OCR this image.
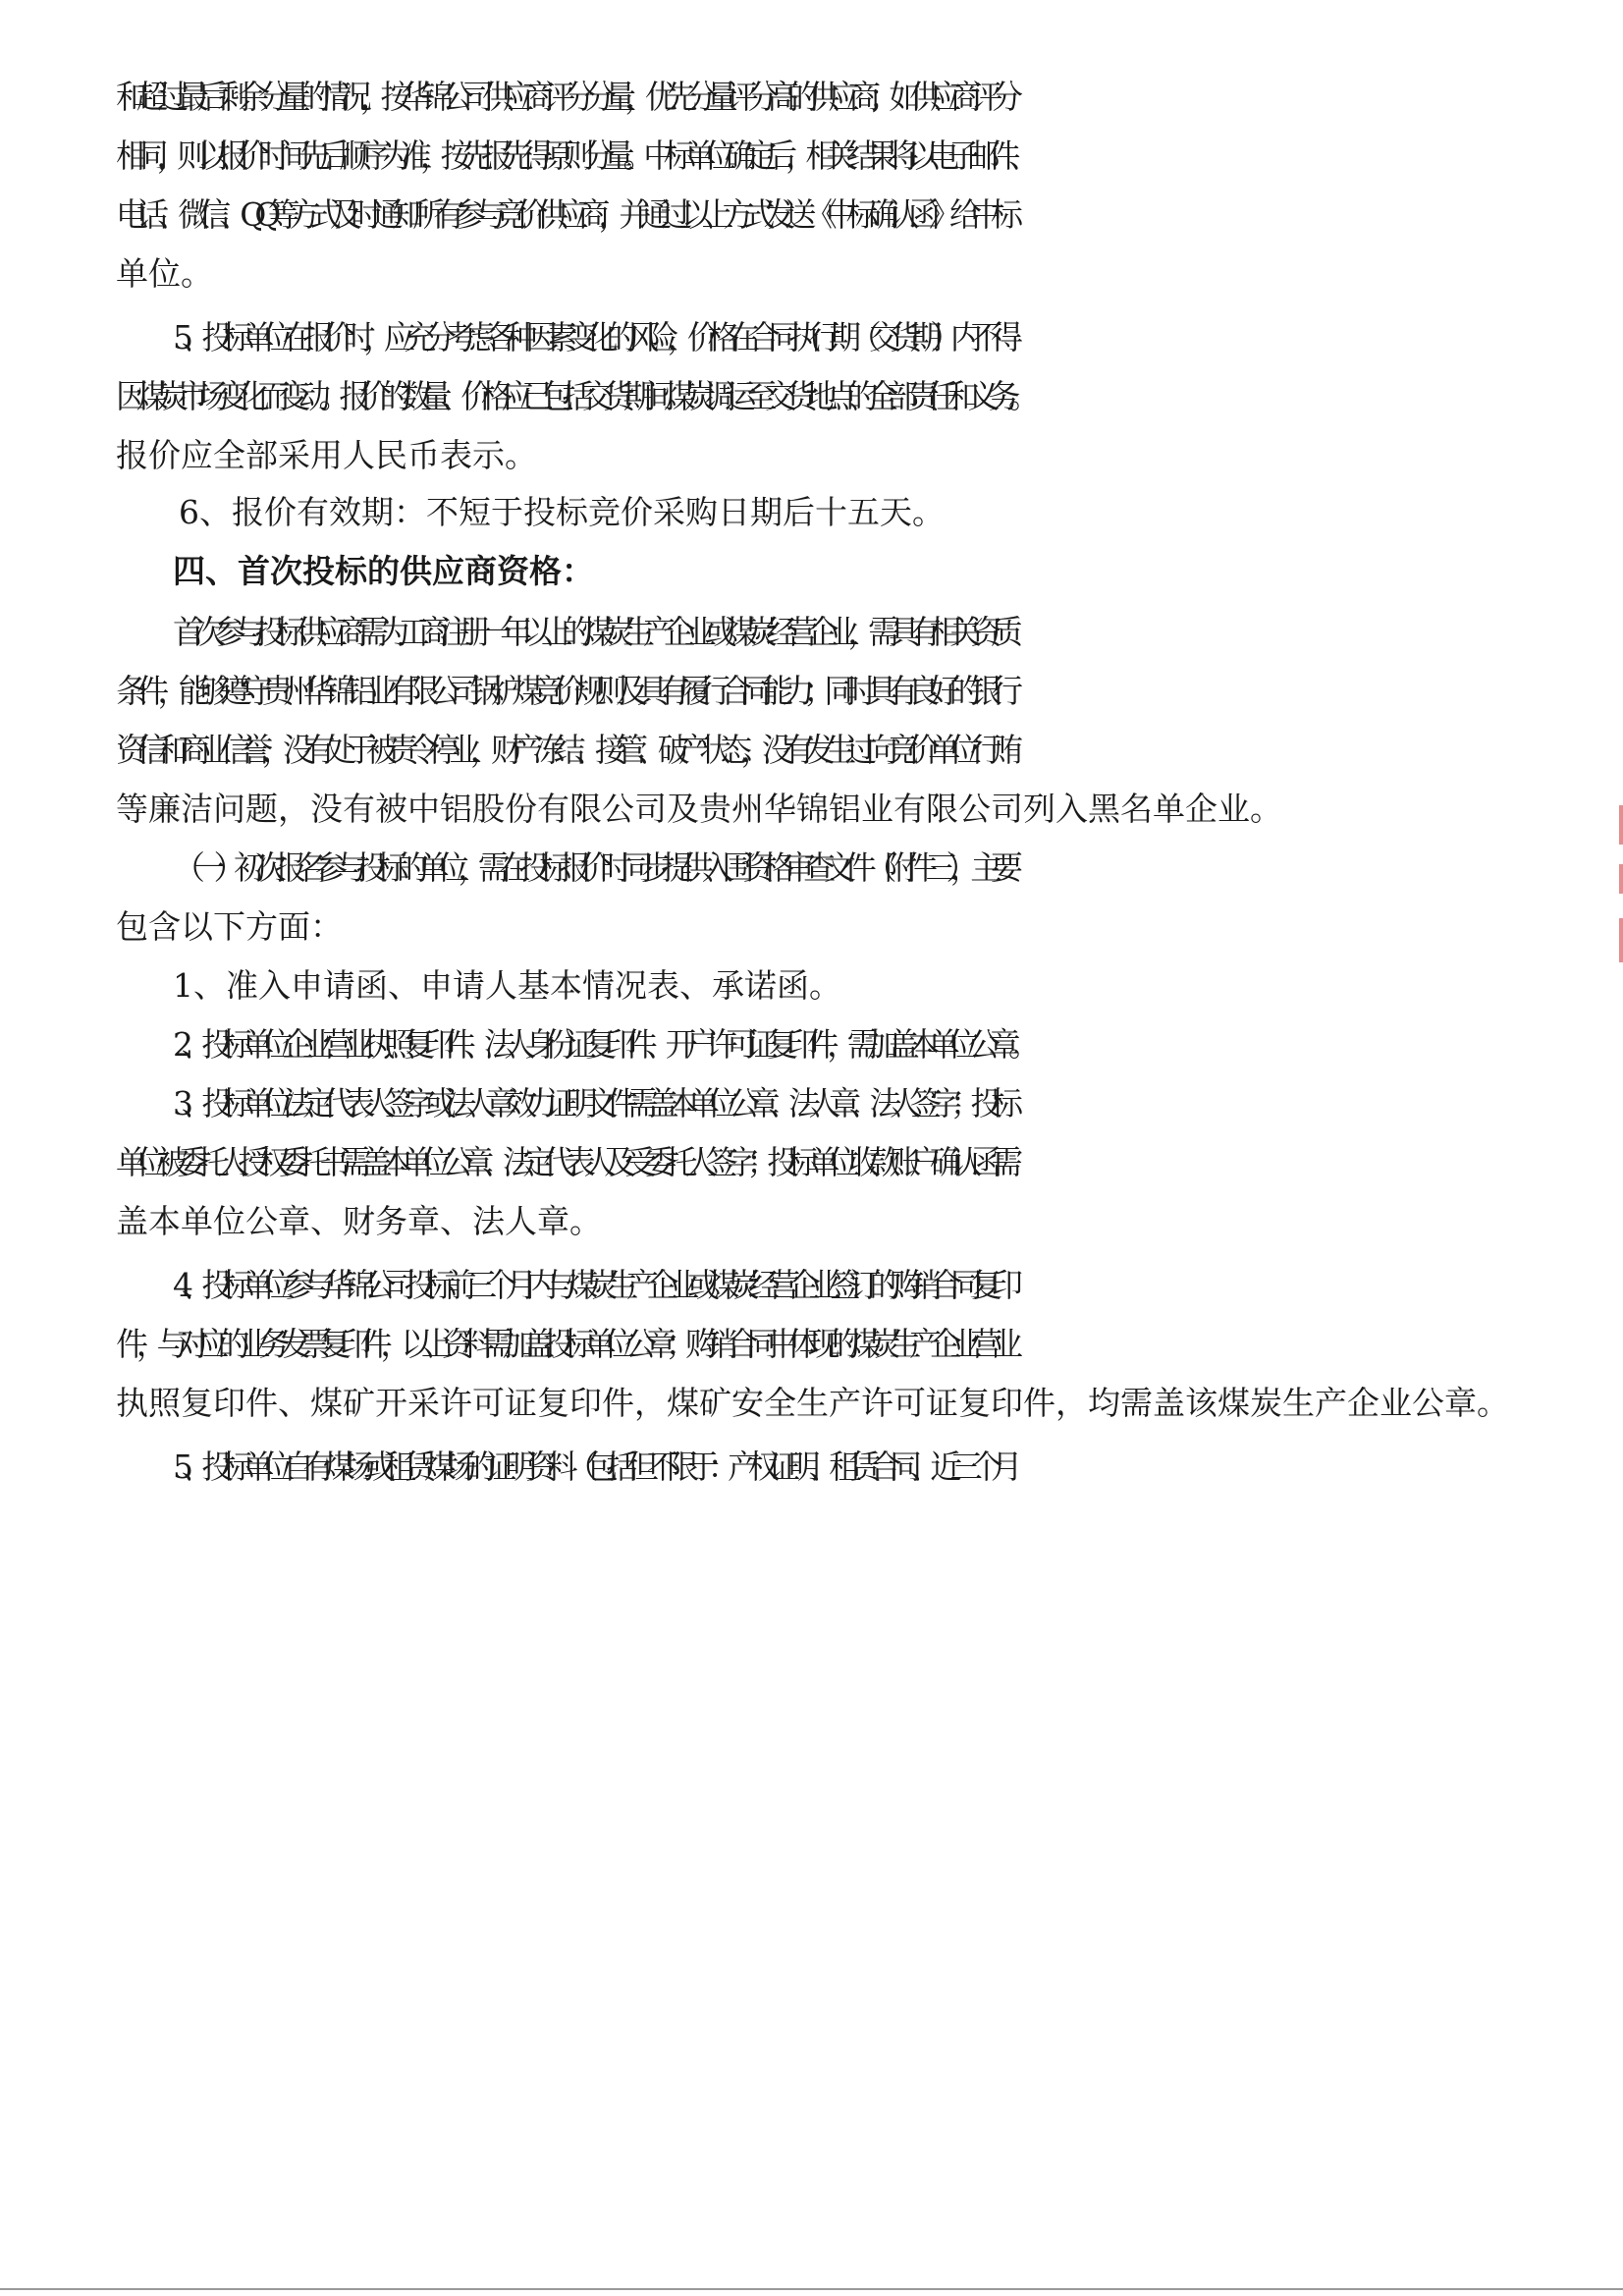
和超过最后剩余分量的情况，按华锦公司供应商评分分量，优先分量评分高的供应商；如供应商评分
相同，则以报价时间先后顺序为准，按先报先得原则分量。中标单位确定后，相关结果将以电子邮件、
电话、微信、QQ 等方式及时通知所有参与竞价供应商，并通过以上方式发送《中标确认函》给中标
单位。
5、投标单位在报价时，应充分考虑各种因素变化的风险，价格在合同执行期（交货期）内不得
因煤炭市场变化而变动。报价的数量、价格应已包括交货期间煤炭调运至交货地点的全部责任和义务。
报价应全部采用人民币表示。
6、报价有效期：不短于投标竞价采购日期后十五天。
四、首次投标的供应商资格：
首次参与投标供应商需为工商注册一年以上的煤炭生产企业或煤炭经营企业，需具有相关资质
条件，能够遵守贵州华锦铝业有限公司锅炉煤竞价规则及具有履行合同能力；同时具有良好的银行
资信和商业信誉，没有处于被责令停业，财产冻结、接管、破产状态，没有发生过向竞价单位行贿
等廉洁问题，没有被中铝股份有限公司及贵州华锦铝业有限公司列入黑名单企业。
（一）初次报名参与投标的单位，需在投标报价时同步提供入围资格审查文件（附件三），主要
包含以下方面：
1、准入申请函、申请人基本情况表、承诺函。
2、投标单位企业营业执照复印件、法人身份证复印件、开户许可证复印件，需加盖本单位公章。
3、投标单位法定代表人签字或法人章效力证明文件需盖本单位公章、法人章、法人签字；投标
单位被委托人授权委托书需盖本单位公章、法定代表人及受委托人签字；投标单位收款账户确认函需
盖本单位公章、财务章、法人章。
4、投标单位参与华锦公司投标前三个月内与煤炭生产企业或煤炭经营企业签订的购销合同复印
件，与对应的业务发票复印件，以上资料需加盖投标单位公章；购销合同中体现的煤炭生产企业营业
执照复印件、煤矿开采许可证复印件，煤矿安全生产许可证复印件，均需盖该煤炭生产企业公章。
5、投标单位自有煤场或租赁煤场的证明资料（包括但不限于：产权证明、租赁合同、近三个月
